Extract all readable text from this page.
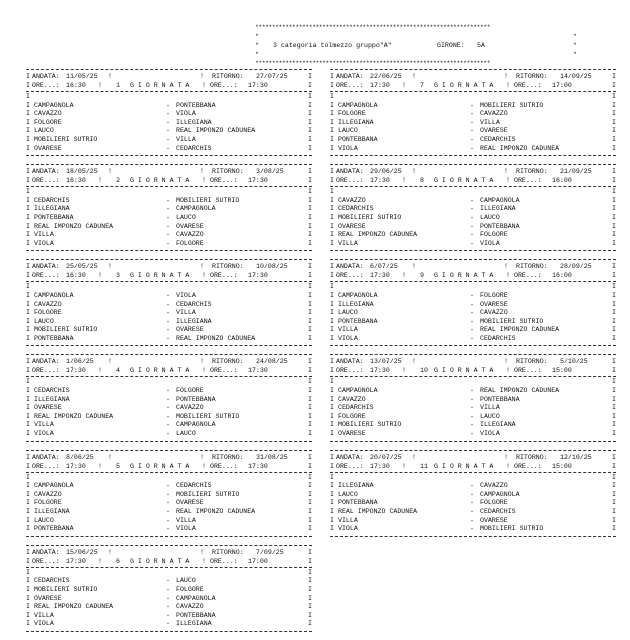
**********************************************************************
*	*
* 3 categoria tolmezzo gruppo"A"	GIRONE: 5A	*
*	*
**********************************************************************
I ANDATA: 11/05/25 !	! RITORNO: 27/07/25	I
I ORE...: 16:30 ! 1 G I O R N A T A ! ORE...: 17:30	I
I	I
I CAMPAGNOLA	- PONTEBBANA	I
I CAVAZZO	- VIOLA	I
I FOLGORE	- ILLEGIANA	I
I LAUCO	- REAL IMPONZO CADUNEA	I
I MOBILIERI SUTRIO	- VILLA	I
I OVARESE	- CEDARCHIS	I
I ANDATA: 18/05/25 !	! RITORNO: 3/08/25	I
I ORE...: 16:30 ! 2 G I O R N A T A ! ORE...: 17:30	I
I	I
I CEDARCHIS	- MOBILIERI SUTRIO	I
I ILLEGIANA	- CAMPAGNOLA	I
I PONTEBBANA	- LAUCO	I
I REAL IMPONZO CADUNEA	- OVARESE	I
I VILLA	- CAVAZZO	I
I VIOLA	- FOLGORE	I
I ANDATA: 25/05/25 !	! RITORNO: 10/08/25	I
I ORE...: 16:30 ! 3 G I O R N A T A ! ORE...: 17:30	I
I	I
I CAMPAGNOLA	- VIOLA	I
I CAVAZZO	- CEDARCHIS	I
I FOLGORE	- VILLA	I
I LAUCO	- ILLEGIANA	I
I MOBILIERI SUTRIO	- OVARESE	I
I PONTEBBANA	- REAL IMPONZO CADUNEA	I
I ANDATA: 1/06/25 !	! RITORNO: 24/08/25	I
I ORE...: 17:30 ! 4 G I O R N A T A ! ORE...: 17:30	I
I	I
I CEDARCHIS	- FOLGORE	I
I ILLEGIANA	- PONTEBBANA	I
I OVARESE	- CAVAZZO	I
I REAL IMPONZO CADUNEA	- MOBILIERI SUTRIO	I
I VILLA	- CAMPAGNOLA	I
I VIOLA	- LAUCO	I
I ANDATA: 8/06/25 !	! RITORNO: 31/08/25	I
I ORE...: 17:30 ! 5 G I O R N A T A ! ORE...: 17:30	I
I	I
I CAMPAGNOLA	- CEDARCHIS	I
I CAVAZZO	- MOBILIERI SUTRIO	I
I FOLGORE	- OVARESE	I
I ILLEGIANA	- REAL IMPONZO CADUNEA	I
I LAUCO	- VILLA	I
I PONTEBBANA	- VIOLA	I
I ANDATA: 15/06/25 !	! RITORNO: 7/09/25	I
I ORE...: 17:30 ! 6 G I O R N A T A ! ORE...: 17:00	I
I	I
I CEDARCHIS	- LAUCO	I
I MOBILIERI SUTRIO	- FOLGORE	I
I OVARESE	- CAMPAGNOLA	I
I REAL IMPONZO CADUNEA	- CAVAZZO	I
I VILLA	- PONTEBBANA	I
I VIOLA	- ILLEGIANA	I
I ANDATA: 22/06/25 !	! RITORNO: 14/09/25	I
I ORE...: 17:30 ! 7 G I O R N A T A ! ORE...: 17:00	I
I	I
I CAMPAGNOLA	- MOBILIERI SUTRIO	I
I FOLGORE	- CAVAZZO	I
I ILLEGIANA	- VILLA	I
I LAUCO	- OVARESE	I
I PONTEBBANA	- CEDARCHIS	I
I VIOLA	- REAL IMPONZO CADUNEA	I
I ANDATA: 29/06/25 !	! RITORNO: 21/09/25	I
I ORE...: 17:30 ! 8 G I O R N A T A ! ORE...: 16:00	I
I	I
I CAVAZZO	- CAMPAGNOLA	I
I CEDARCHIS	- ILLEGIANA	I
I MOBILIERI SUTRIO	- LAUCO	I
I OVARESE	- PONTEBBANA	I
I REAL IMPONZO CADUNEA	- FOLGORE	I
I VILLA	- VIOLA	I
I ANDATA: 6/07/25 !	! RITORNO: 28/09/25	I
I ORE...: 17:30 ! 9 G I O R N A T A ! ORE...: 16:00	I
I	I
I CAMPAGNOLA	- FOLGORE	I
I ILLEGIANA	- OVARESE	I
I LAUCO	- CAVAZZO	I
I PONTEBBANA	- MOBILIERI SUTRIO	I
I VILLA	- REAL IMPONZO CADUNEA	I
I VIOLA	- CEDARCHIS	I
I ANDATA: 13/07/25 !	! RITORNO: 5/10/25	I
I ORE...: 17:30 ! 10 G I O R N A T A ! ORE...: 15:00	I
I	I
I CAMPAGNOLA	- REAL IMPONZO CADUNEA	I
I CAVAZZO	- PONTEBBANA	I
I CEDARCHIS	- VILLA	I
I FOLGORE	- LAUCO	I
I MOBILIERI SUTRIO	- ILLEGIANA	I
I OVARESE	- VIOLA	I
I ANDATA: 20/07/25 !	! RITORNO: 12/10/25	I
I ORE...: 17:30 ! 11 G I O R N A T A ! ORE...: 15:00	I
I	I
I ILLEGIANA	- CAVAZZO	I
I LAUCO	- CAMPAGNOLA	I
I PONTEBBANA	- FOLGORE	I
I REAL IMPONZO CADUNEA	- CEDARCHIS	I
I VILLA	- OVARESE	I
I VIOLA	- MOBILIERI SUTRIO	I
